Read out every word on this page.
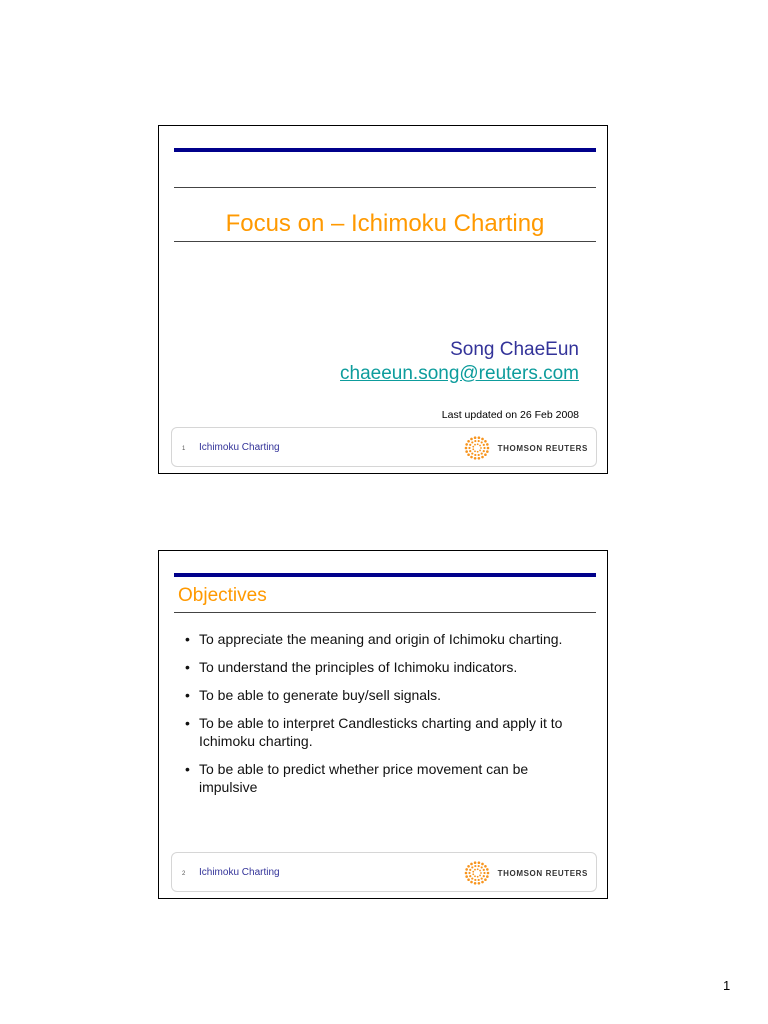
Focus on – Ichimoku Charting
Song ChaeEun
chaeeun.song@reuters.com
Last updated on 26 Feb 2008
1 Ichimoku Charting	THOMSON REUTERS
Objectives
• To appreciate the meaning and origin of Ichimoku charting.
• To understand the principles of Ichimoku indicators.
• To be able to generate buy/sell signals.
• To be able to interpret Candlesticks charting and apply it to Ichimoku charting.
• To be able to predict whether price movement can be impulsive
2 Ichimoku Charting	THOMSON REUTERS
1
